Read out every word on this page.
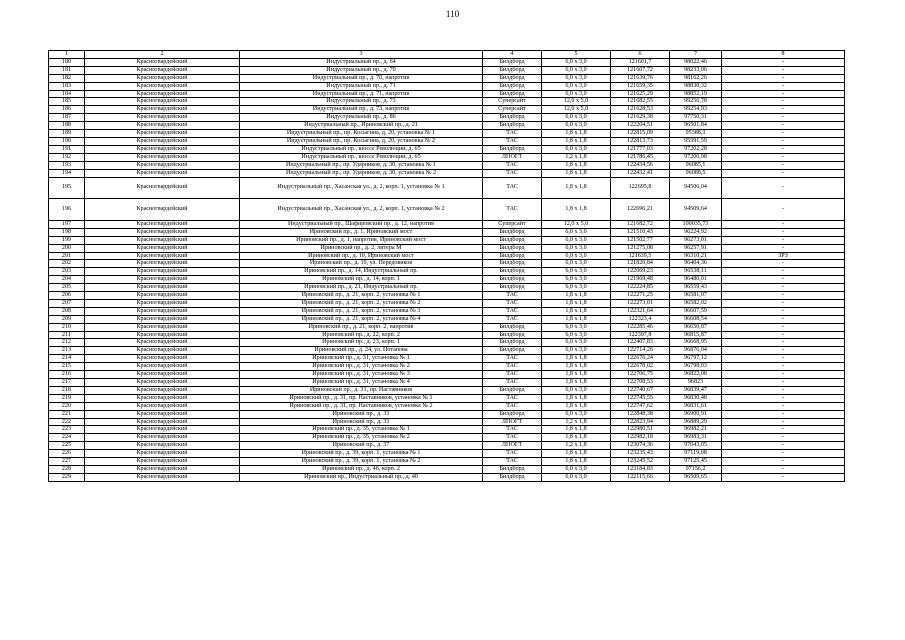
110
1	2	3	4	5	6	7	8
180	Красногвардейский	Индустриальный пр., д. 64	Билдборд	6,0 х 3,0	121601,7	98022,46	-
181	Красногвардейский	Индустриальный пр., д. 70	Билдборд	6,0 х 3,0	121607,72	98233,06	-
182	Красногвардейский	Индустриальный пр., д. 70, напротив	Билдборд	6,0 х 3,0	121639,76	98162,26	-
183	Красногвардейский	Индустриальный пр., д. 71	Билдборд	6,0 х 3,0	121659,35	98830,32	-
184	Красногвардейский	Индустриальный пр., д. 71, напротив	Билдборд	6,0 х 3,0	121625,29	98852,19	-
185	Красногвардейский	Индустриальный пр., д. 73	Суперсайт	12,0 х 5,0	121682,55	99256,78	-
186	Красногвардейский	Индустриальный пр., д. 73, напротив	Суперсайт	12,0 х 5,0	121628,53	99254,93	-
187	Красногвардейский	Индустриальный пр., д. 86	Билдборд	6,0 х 3,0	121629,38	97750,31	-
188	Красногвардейский	Индустриальный пр., Ириновский пр., д. 21	Билдборд	6,0 х 3,0	122204,51	96501,84	-
189	Красногвардейский	Индустриальный пр., пр. Косыгина, д. 20, установка № 1	ТАС	1,8 х 1,8	122815,09	95388,3	-
190	Красногвардейский	Индустриальный пр., пр. Косыгина, д. 20, установка № 2	ТАС	1,8 х 1,8	122813,73	95391,59	-
191	Красногвардейский	Индустриальный пр., шоссе Революции, д. 65	Билдборд	6,0 х 3,0	121777,03	97202,28	-
192	Красногвардейский	Индустриальный пр., шоссе Революции, д. 65	ЛПОГТ	1,2 х 1,8	121786,45	97200,98	-
193	Красногвардейский	Индустриальный пр., пр. Ударников, д. 30, установка № 1	ТАС	1,8 х 1,8	122434,56	96085,1	-
194	Красногвардейский	Индустриальный пр., пр. Ударников, д. 30, установка № 2	ТАС	1,8 х 1,8	122432,41	96088,5	-
195	Красногвардейский	Индустриальный пр., Хасанская ул., д. 2, корп. 1, установка № 1	ТАС	1,8 х 1,8	122695,8	94506,04	-
196	Красногвардейский	Индустриальный пр., Хасанская ул., д. 2, корп. 1, установка № 2	ТАС	1,8 х 1,8	122696,21	94509,64	-
197	Красногвардейский	Индустриальный пр., Шафировский пр., д. 12, напротив	Суперсайт	12,0 х 5,0	121682,72	100035,73	-
198	Красногвардейский	Ириновский пр., д. 1, Ириновский мост	Билдборд	6,0 х 3,0	121510,43	96224,92	-
199	Красногвардейский	Ириновский пр., д. 1, напротив, Ириновский мост	Билдборд	6,0 х 3,0	121502,77	96273,01	-
200	Красногвардейский	Ириновский пр., д. 2, литера М	Билдборд	6,0 х 3,0	121275,08	96257,91	-
201	Красногвардейский	Ириновский пр., д. 10, Ириновский мост	Билдборд	6,0 х 3,0	121639,5	96310,21	ЗРЗ
202	Красногвардейский	Ириновский пр., д. 10, ул. Передовиков	Билдборд	6,0 х 3,0	121820,84	96404,36	-
203	Красногвардейский	Ириновский пр., д. 14, Индустриальный пр.	Билдборд	6,0 х 3,0	122069,23	96538,11	-
204	Красногвардейский	Ириновский пр., д. 14, корп. 1	Билдборд	6,0 х 3,0	121969,48	96480,01	-
205	Красногвардейский	Ириновский пр., д. 21, Индустриальный пр.	Билдборд	6,0 х 3,0	122224,85	96559,43	-
206	Красногвардейский	Ириновский пр., д. 21, корп. 2, установка № 1	ТАС	1,8 х 1,8	122271,25	96581,07	-
207	Красногвардейский	Ириновский пр., д. 21, корп. 2, установка № 2	ТАС	1,8 х 1,8	122273,01	96582,02	-
208	Красногвардейский	Ириновский пр., д. 21, корп. 2, установка № 3	ТАС	1,8 х 1,8	122321,64	96607,59	-
209	Красногвардейский	Ириновский пр., д. 21, корп. 2, установка № 4	ТАС	1,8 х 1,8	122323,4	96608,54	-
210	Красногвардейский	Ириновский пр., д. 21, корп. 2, напротив	Билдборд	6,0 х 3,0	122285,46	96650,87	-
211	Красногвардейский	Ириновский пр., д. 22, корп. 2	Билдборд	6,0 х 3,0	122397,8	96815,87	-
212	Красногвардейский	Ириновский пр., д. 23, корп. 1	Билдборд	6,0 х 3,0	122407,83	96668,95	-
213	Красногвардейский	Ириновский пр., д. 24, ул. Потапова	Билдборд	6,0 х 3,0	122714,26	96876,04	-
214	Красногвардейский	Ириновский пр., д. 31, установка № 1	ТАС	1,8 х 1,8	122676,24	96797,12	-
215	Красногвардейский	Ириновский пр., д. 31, установка № 2	ТАС	1,8 х 1,8	122678,02	96798,03	-
216	Красногвардейский	Ириновский пр., д. 31, установка № 3	ТАС	1,8 х 1,8	122706,75	96822,08	-
217	Красногвардейский	Ириновский пр., д. 31, установка № 4	ТАС	1,8 х 1,8	122708,53	96823	-
218	Красногвардейский	Ириновский пр., д. 31, пр. Наставников	Билдборд	6,0 х 3,0	122740,67	96839,47	-
219	Красногвардейский	Ириновский пр., д. 31, пр. Наставников, установка № 1	ТАС	1,8 х 1,8	122745,55	96830,48	-
220	Красногвардейский	Ириновский пр., д. 31, пр. Наставников, установка № 2	ТАС	1,8 х 1,8	122747,62	96831,61	-
221	Красногвардейский	Ириновский пр., д. 33	Билдборд	6,0 х 3,0	122848,38	96900,91	-
222	Красногвардейский	Ириновский пр., д. 33	ЛПОГТ	1,2 х 1,8	122823,94	96889,29	-
223	Красногвардейский	Ириновский пр., д. 35, установка № 1	ТАС	1,8 х 1,8	122980,51	96982,21	-
224	Красногвардейский	Ириновский пр., д. 35, установка № 2	ТАС	1,8 х 1,8	122982,18	96983,31	-
225	Красногвардейский	Ириновский пр., д. 37	ЛПОГТ	1,2 х 1,8	123074,36	97043,05	-
226	Красногвардейский	Ириновский пр., д. 39, корп. 1, установка № 1	ТАС	1,8 х 1,8	123235,43	97119,08	-
227	Красногвардейский	Ириновский пр., д. 39, корп. 1, установка № 2	ТАС	1,8 х 1,8	123245,52	97125,45	-
228	Красногвардейский	Ириновский пр., д. 46, корп. 2	Билдборд	6,0 х 3,0	123184,83	97156,2	-
229	Красногвардейский	Ириновский пр., Индустриальный пр., д. 40	Билдборд	6,0 х 3,0	122115,66	96509,65	-
